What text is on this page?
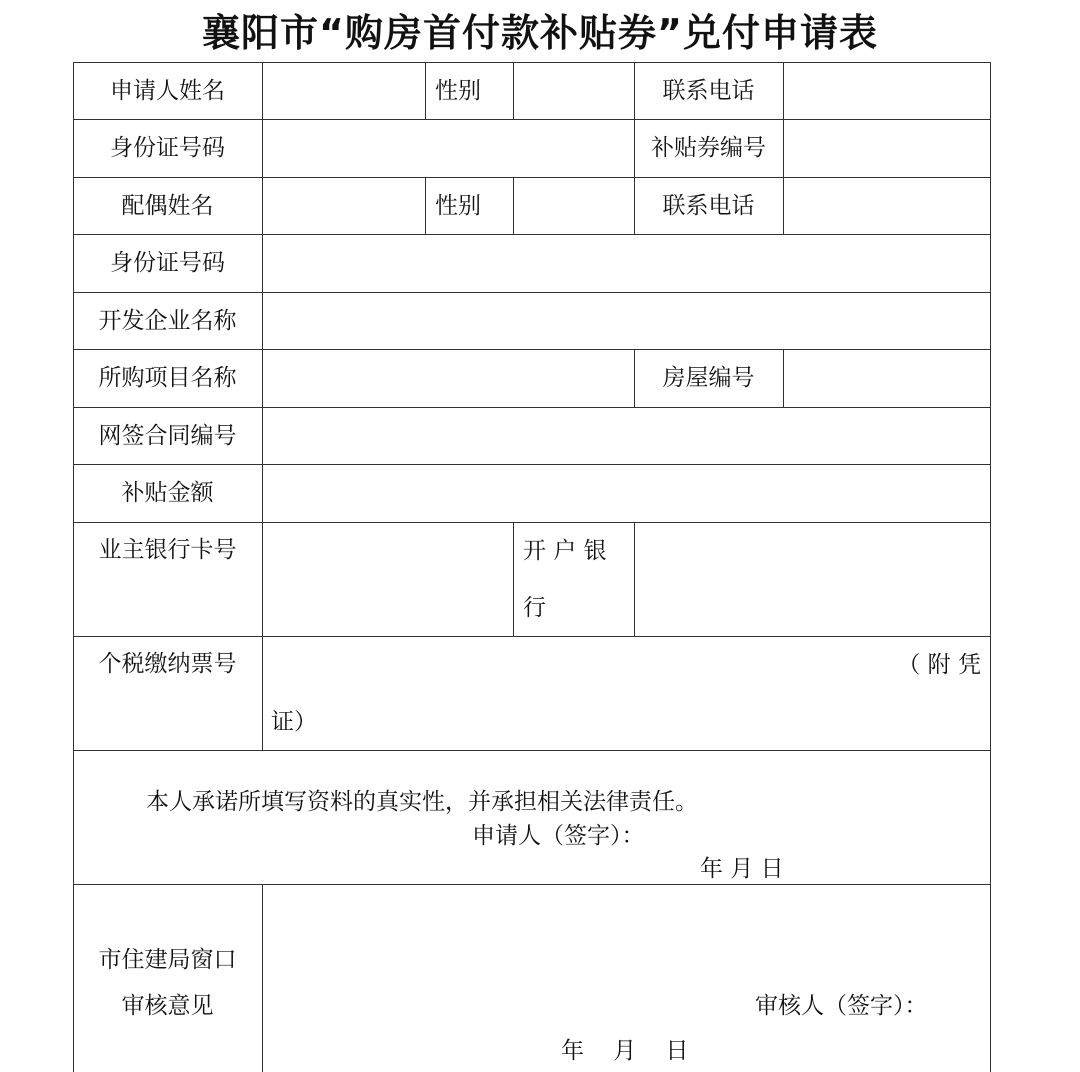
襄阳市“购房首付款补贴券”兑付申请表
申请人姓名	性别	联系电话
身份证号码	补贴券编号
配偶姓名	性别	联系电话
身份证号码
开发企业名称
所购项目名称	房屋编号
网签合同编号
补贴金额
业主银行卡号	开 户 银
行
个税缴纳票号	（ 附 凭
证）
本人承诺所填写资料的真实性，并承担相关法律责任。
申请人（签字）：
年 月 日
市住建局窗口
审核意见	审核人（签字）：
年    月    日
